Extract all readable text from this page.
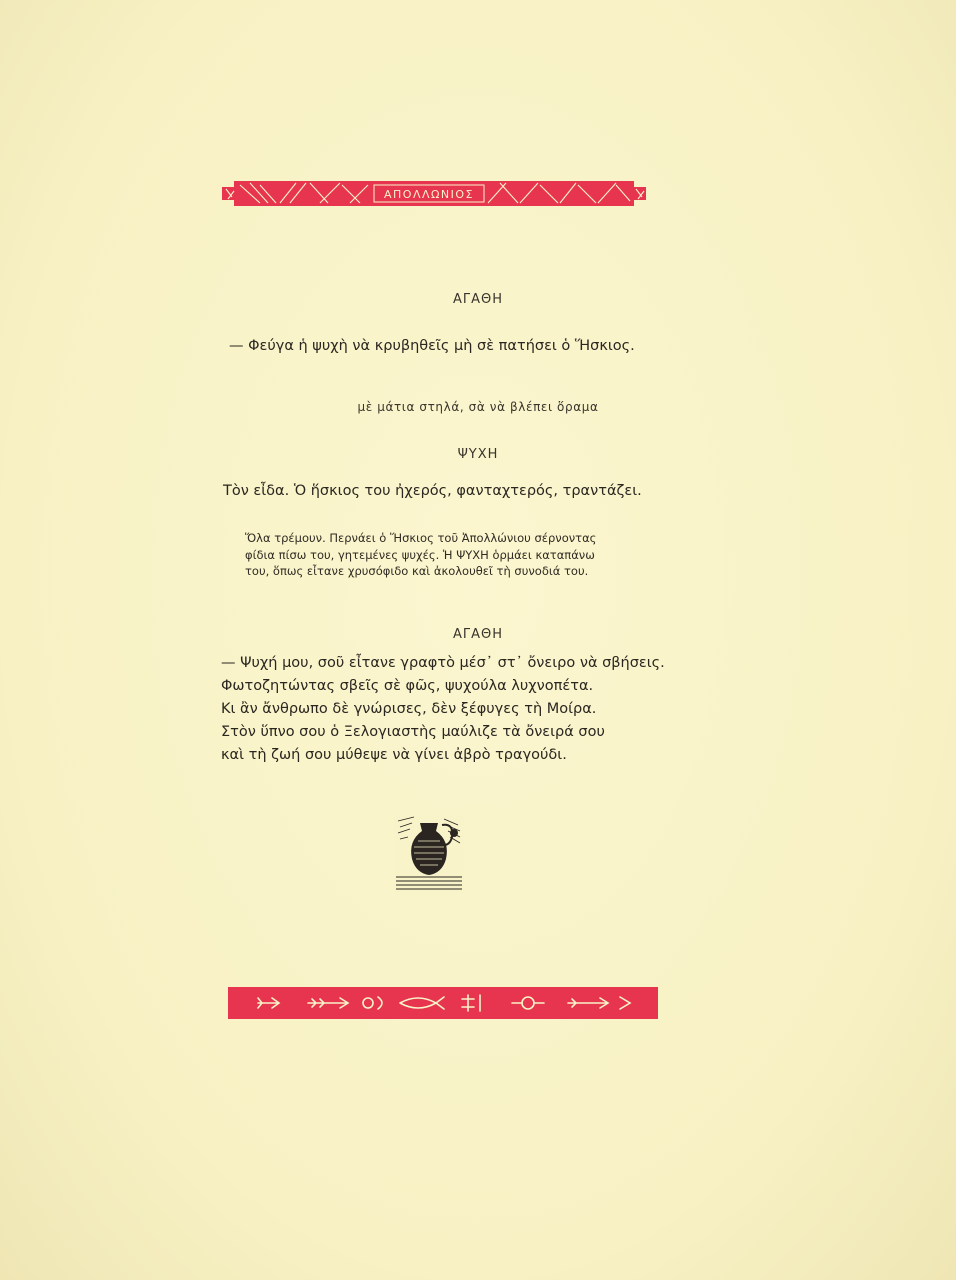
ΑΠΟΛΛΩΝΙΟΣ
ΑΓΑΘΗ
— Φεύγα ἡ ψυχὴ νὰ κρυβηθεῖς μὴ σὲ πατήσει ὁ Ἥσκιος.
μὲ μάτια στηλά, σὰ νὰ βλέπει ὅραμα
ΨΥΧΗ
Τὸν εἶδα. Ὁ ἥσκιος του ἠχερός, φανταχτερός, τραντάζει.
Ὅλα τρέμουν. Περνάει ὁ Ἥσκιος τοῦ Ἀπολλώνιου σέρνοντας
φίδια πίσω του, γητεμένες ψυχές. Ἡ ΨΥΧΗ ὁρμάει καταπάνω
του, ὅπως εἶτανε χρυσόφιδο καὶ ἀκολουθεῖ τὴ συνοδιά του.
ΑΓΑΘΗ
— Ψυχή μου, σοῦ εἶτανε γραφτὸ μέσ᾽ στ᾽ ὄνειρο νὰ σβήσεις.
Φωτοζητώντας σβεῖς σὲ φῶς, ψυχούλα λυχνοπέτα.
Κι ἂν ἄνθρωπο δὲ γνώρισες, δὲν ξέφυγες τὴ Μοίρα.
Στὸν ὕπνο σου ὁ Ξελογιαστὴς μαύλιζε τὰ ὄνειρά σου
καὶ τὴ ζωή σου μύθεψε νὰ γίνει ἀβρὸ τραγούδι.
